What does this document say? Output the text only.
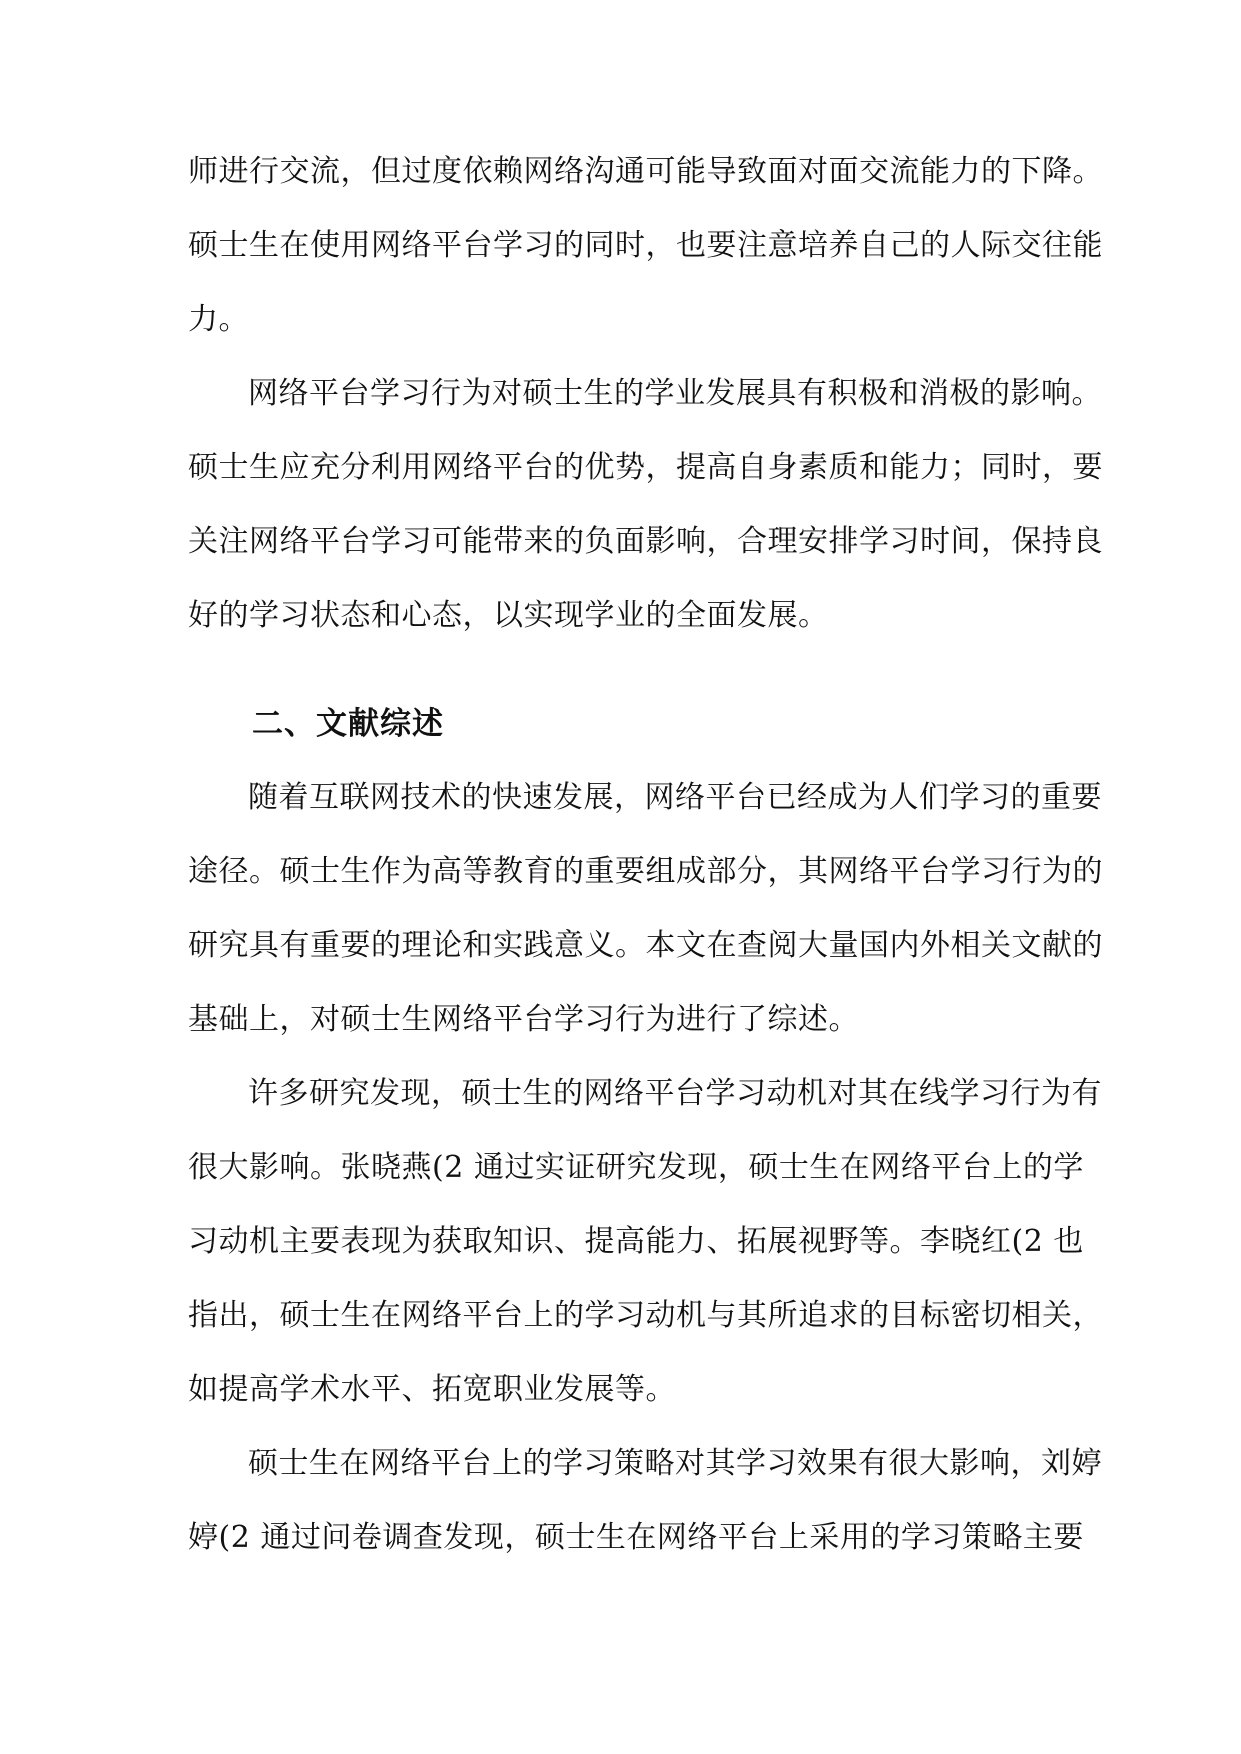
师进行交流，但过度依赖网络沟通可能导致面对面交流能力的下降。
硕士生在使用网络平台学习的同时，也要注意培养自己的人际交往能
力。
网络平台学习行为对硕士生的学业发展具有积极和消极的影响。
硕士生应充分利用网络平台的优势，提高自身素质和能力；同时，要
关注网络平台学习可能带来的负面影响，合理安排学习时间，保持良
好的学习状态和心态，以实现学业的全面发展。
二、文献综述
随着互联网技术的快速发展，网络平台已经成为人们学习的重要
途径。硕士生作为高等教育的重要组成部分，其网络平台学习行为的
研究具有重要的理论和实践意义。本文在查阅大量国内外相关文献的
基础上，对硕士生网络平台学习行为进行了综述。
许多研究发现，硕士生的网络平台学习动机对其在线学习行为有
很大影响。张晓燕(2 通过实证研究发现，硕士生在网络平台上的学
习动机主要表现为获取知识、提高能力、拓展视野等。李晓红(2 也
指出，硕士生在网络平台上的学习动机与其所追求的目标密切相关，
如提高学术水平、拓宽职业发展等。
硕士生在网络平台上的学习策略对其学习效果有很大影响，刘婷
婷(2 通过问卷调查发现，硕士生在网络平台上采用的学习策略主要
